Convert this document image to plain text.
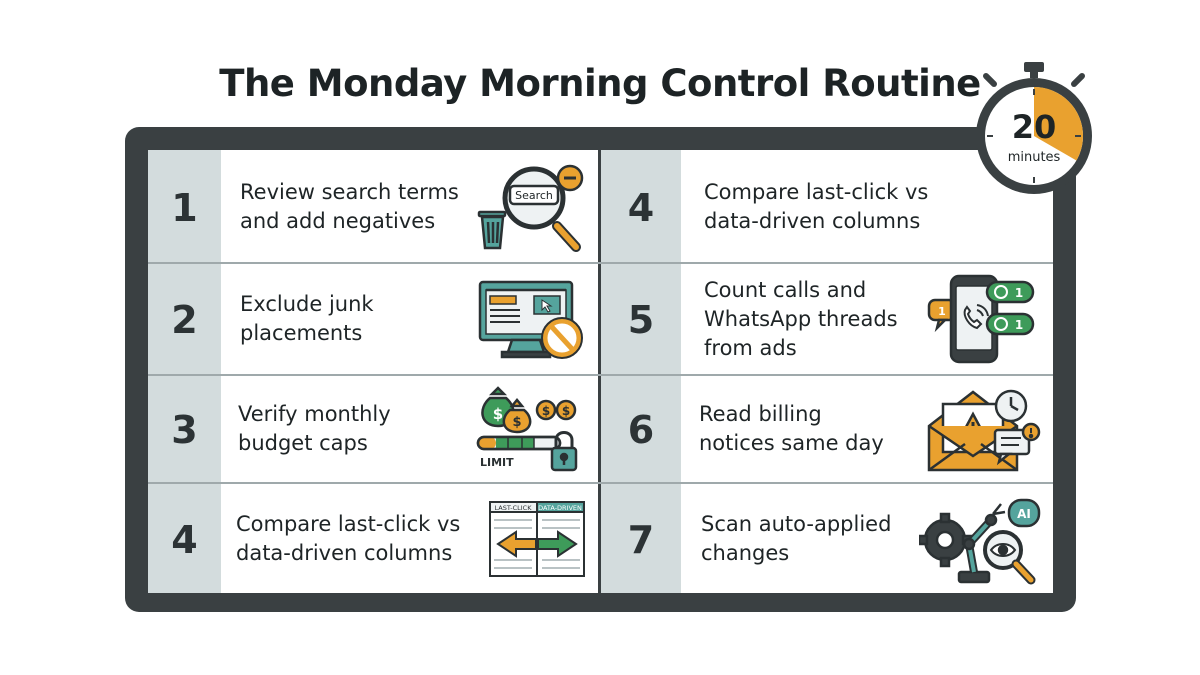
The Monday Morning Control Routine
1	Review search terms
and add negatives
Search
2	Exclude junk
placements
3	Verify monthly
budget caps
$ $
$ $
LIMIT
4	Compare last-click vs
data-driven columns
LAST-CLICK DATA-DRIVEN
4	Compare last-click vs
data-driven columns
5
Count calls and
WhatsApp threads
from ads
1
1
1
6	Read billing
notices same day
7	Scan auto-applied
changes
AI
20
minutes
